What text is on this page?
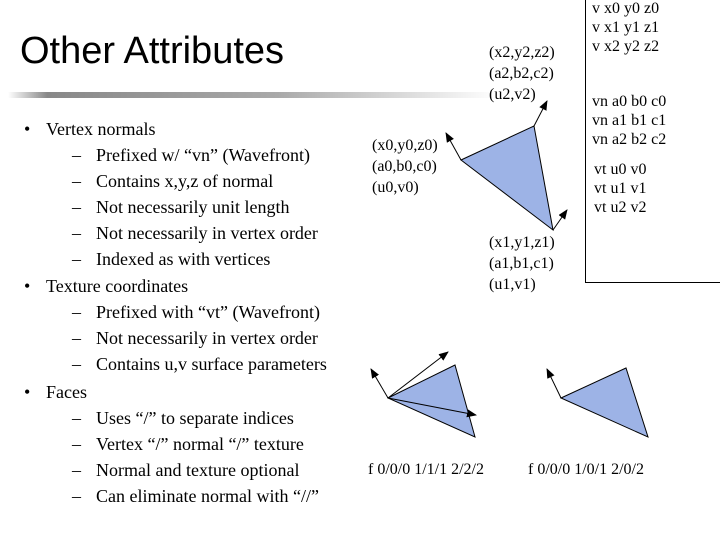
Other Attributes
• Vertex normals
– Prefixed w/ “vn” (Wavefront)
– Contains x,y,z of normal
– Not necessarily unit length
– Not necessarily in vertex order
– Indexed as with vertices
• Texture coordinates
– Prefixed with “vt” (Wavefront)
– Not necessarily in vertex order
– Contains u,v surface parameters
• Faces
– Uses “/” to separate indices
– Vertex “/” normal “/” texture
– Normal and texture optional
– Can eliminate normal with “//”
(x2,y2,z2)
(a2,b2,c2)
(u2,v2)
(x0,y0,z0)
(a0,b0,c0)
(u0,v0)
(x1,y1,z1)
(a1,b1,c1)
(u1,v1)
v x0 y0 z0
v x1 y1 z1
v x2 y2 z2
vn a0 b0 c0
vn a1 b1 c1
vn a2 b2 c2
vt u0 v0
vt u1 v1
vt u2 v2
f 0/0/0 1/1/1 2/2/2	f 0/0/0 1/0/1 2/0/2
